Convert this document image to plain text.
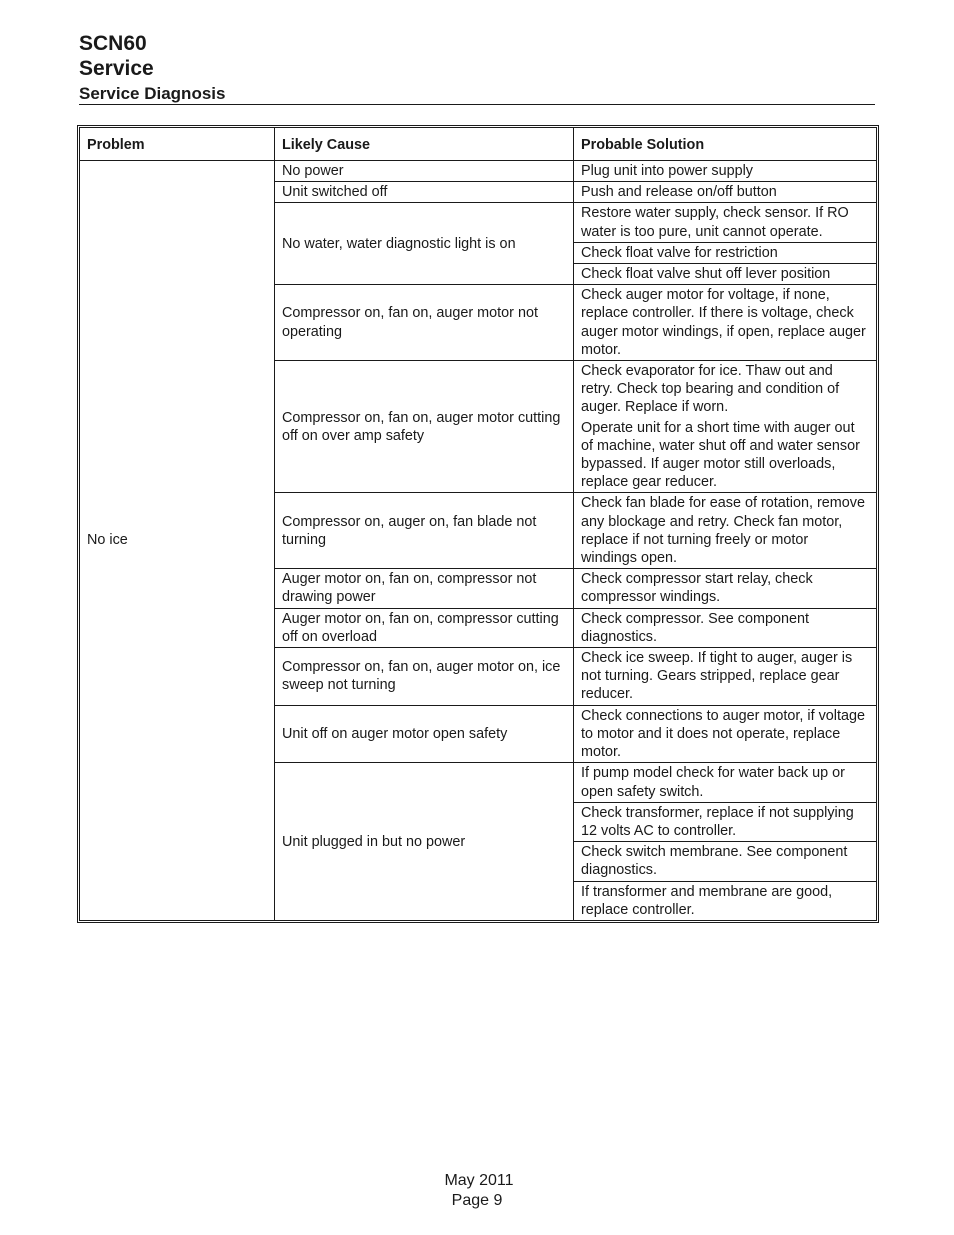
SCN60
Service
Service Diagnosis
Problem	Likely Cause	Probable Solution
No ice	No power	Plug unit into power supply

	Unit switched off	Push and release on/off button

	No water, water diagnostic light is on	Restore water supply, check sensor. If RO water is too pure, unit cannot operate.

		Check float valve for restriction

		Check float valve shut off lever position

	Compressor on, fan on, auger motor not operating	Check auger motor for voltage, if none, replace controller. If there is voltage, check auger motor windings, if open, replace auger motor.

	Compressor on, fan on, auger motor cutting off on over amp safety	Check evaporator for ice. Thaw out and retry. Check top bearing and condition of auger. Replace if worn.
Operate unit for a short time with auger out of machine, water shut off and water sensor bypassed. If auger motor still overloads, replace gear reducer.

	Compressor on, auger on, fan blade not turning	Check fan blade for ease of rotation, remove any blockage and retry. Check fan motor, replace if not turning freely or motor windings open.

	Auger motor on, fan on, compressor not drawing power	Check compressor start relay, check compressor windings.

	Auger motor on, fan on, compressor cutting off on overload	Check compressor. See component diagnostics.

	Compressor on, fan on, auger motor on, ice sweep not turning	Check ice sweep. If tight to auger, auger is not turning. Gears stripped, replace gear reducer.

	Unit off on auger motor open safety	Check connections to auger motor, if voltage to motor and it does not operate, replace motor.

	Unit plugged in but no power	If pump model check for water back up or open safety switch.

		Check transformer, replace if not supplying 12 volts AC to controller.

		Check switch membrane. See component diagnostics.

		If transformer and membrane are good, replace controller.
May 2011
Page 9
